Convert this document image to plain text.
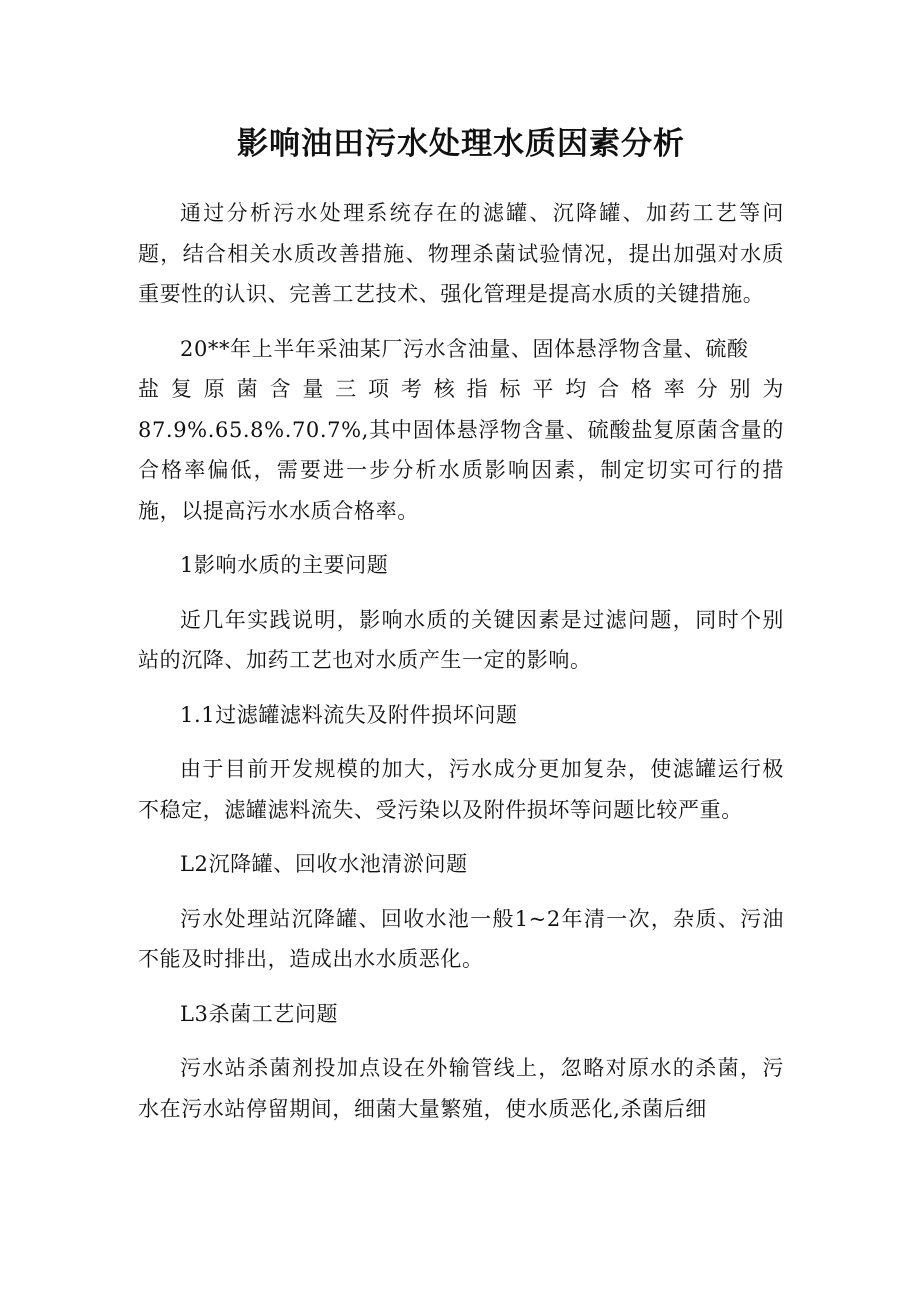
影响油田污水处理水质因素分析

通过分析污水处理系统存在的滤罐、沉降罐、加药工艺等问题，结合相关水质改善措施、物理杀菌试验情况，提出加强对水质重要性的认识、完善工艺技术、强化管理是提高水质的关键措施。

20**年上半年采油某厂污水含油量、固体悬浮物含量、硫酸

盐复原菌含量三项考核指标平均合格率分别为

87.9%.65.8%.70.7%,其中固体悬浮物含量、硫酸盐复原菌含量的合格率偏低，需要进一步分析水质影响因素，制定切实可行的措施，以提高污水水质合格率。

1影响水质的主要问题

近几年实践说明，影响水质的关键因素是过滤问题，同时个别站的沉降、加药工艺也对水质产生一定的影响。

1.1过滤罐滤料流失及附件损坏问题

由于目前开发规模的加大，污水成分更加复杂，使滤罐运行极不稳定，滤罐滤料流失、受污染以及附件损坏等问题比较严重。

L2沉降罐、回收水池清淤问题

污水处理站沉降罐、回收水池一般1~2年清一次，杂质、污油不能及时排出，造成出水水质恶化。

L3杀菌工艺问题

污水站杀菌剂投加点设在外输管线上，忽略对原水的杀菌，污水在污水站停留期间，细菌大量繁殖，使水质恶化,杀菌后细
